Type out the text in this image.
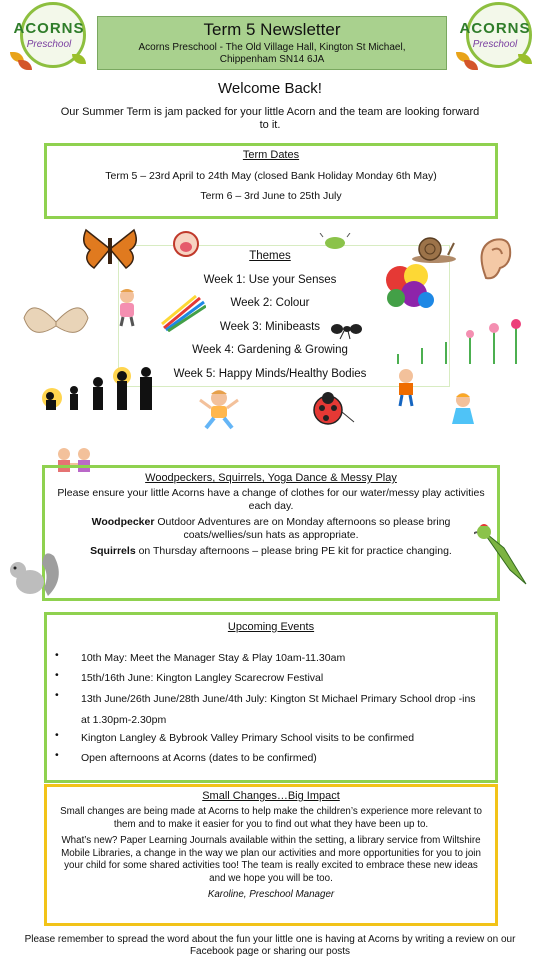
ACORNS
Preschool
ACORNS
Preschool
Term 5 Newsletter
Acorns Preschool - The Old Village Hall, Kington St Michael,
Chippenham SN14 6JA
Welcome Back!
Our Summer Term is jam packed for your little Acorn and the team are looking forward to it.
Term Dates
Term 5 – 23rd April to 24th May (closed Bank Holiday Monday 6th May)
Term 6 – 3rd June to 25th July
Themes
Week 1: Use your Senses
Week 2: Colour
Week 3: Minibeasts
Week 4: Gardening & Growing
Week 5: Happy Minds/Healthy Bodies
Woodpeckers, Squirrels, Yoga Dance & Messy Play

Please ensure your little Acorns have a change of clothes for our water/messy play activities each day.

Woodpecker Outdoor Adventures are on Monday afternoons so please bring coats/wellies/sun hats as appropriate.

Squirrels on Thursday afternoons – please bring PE kit for practice changing.

Upcoming Events
• 10th May: Meet the Manager Stay & Play 10am-11.30am
• 15th/16th June: Kington Langley Scarecrow Festival
• 13th June/26th June/28th June/4th July: Kington St Michael Primary School drop -ins at 1.30pm-2.30pm
• Kington Langley & Bybrook Valley Primary School visits to be confirmed
• Open afternoons at Acorns (dates to be confirmed)
Small Changes…Big Impact

Small changes are being made at Acorns to help make the children’s experience more relevant to them and to make it easier for you to find out what they have been up to.

What’s new? Paper Learning Journals available within the setting, a library service from Wiltshire Mobile Libraries, a change in the way we plan our activities and more opportunities for you to join your child for some shared activities too! The team is really excited to embrace these new ideas and we hope you will be too.

Karoline, Preschool Manager

Please remember to spread the word about the fun your little one is having at Acorns by writing a review on our Facebook page or sharing our posts
